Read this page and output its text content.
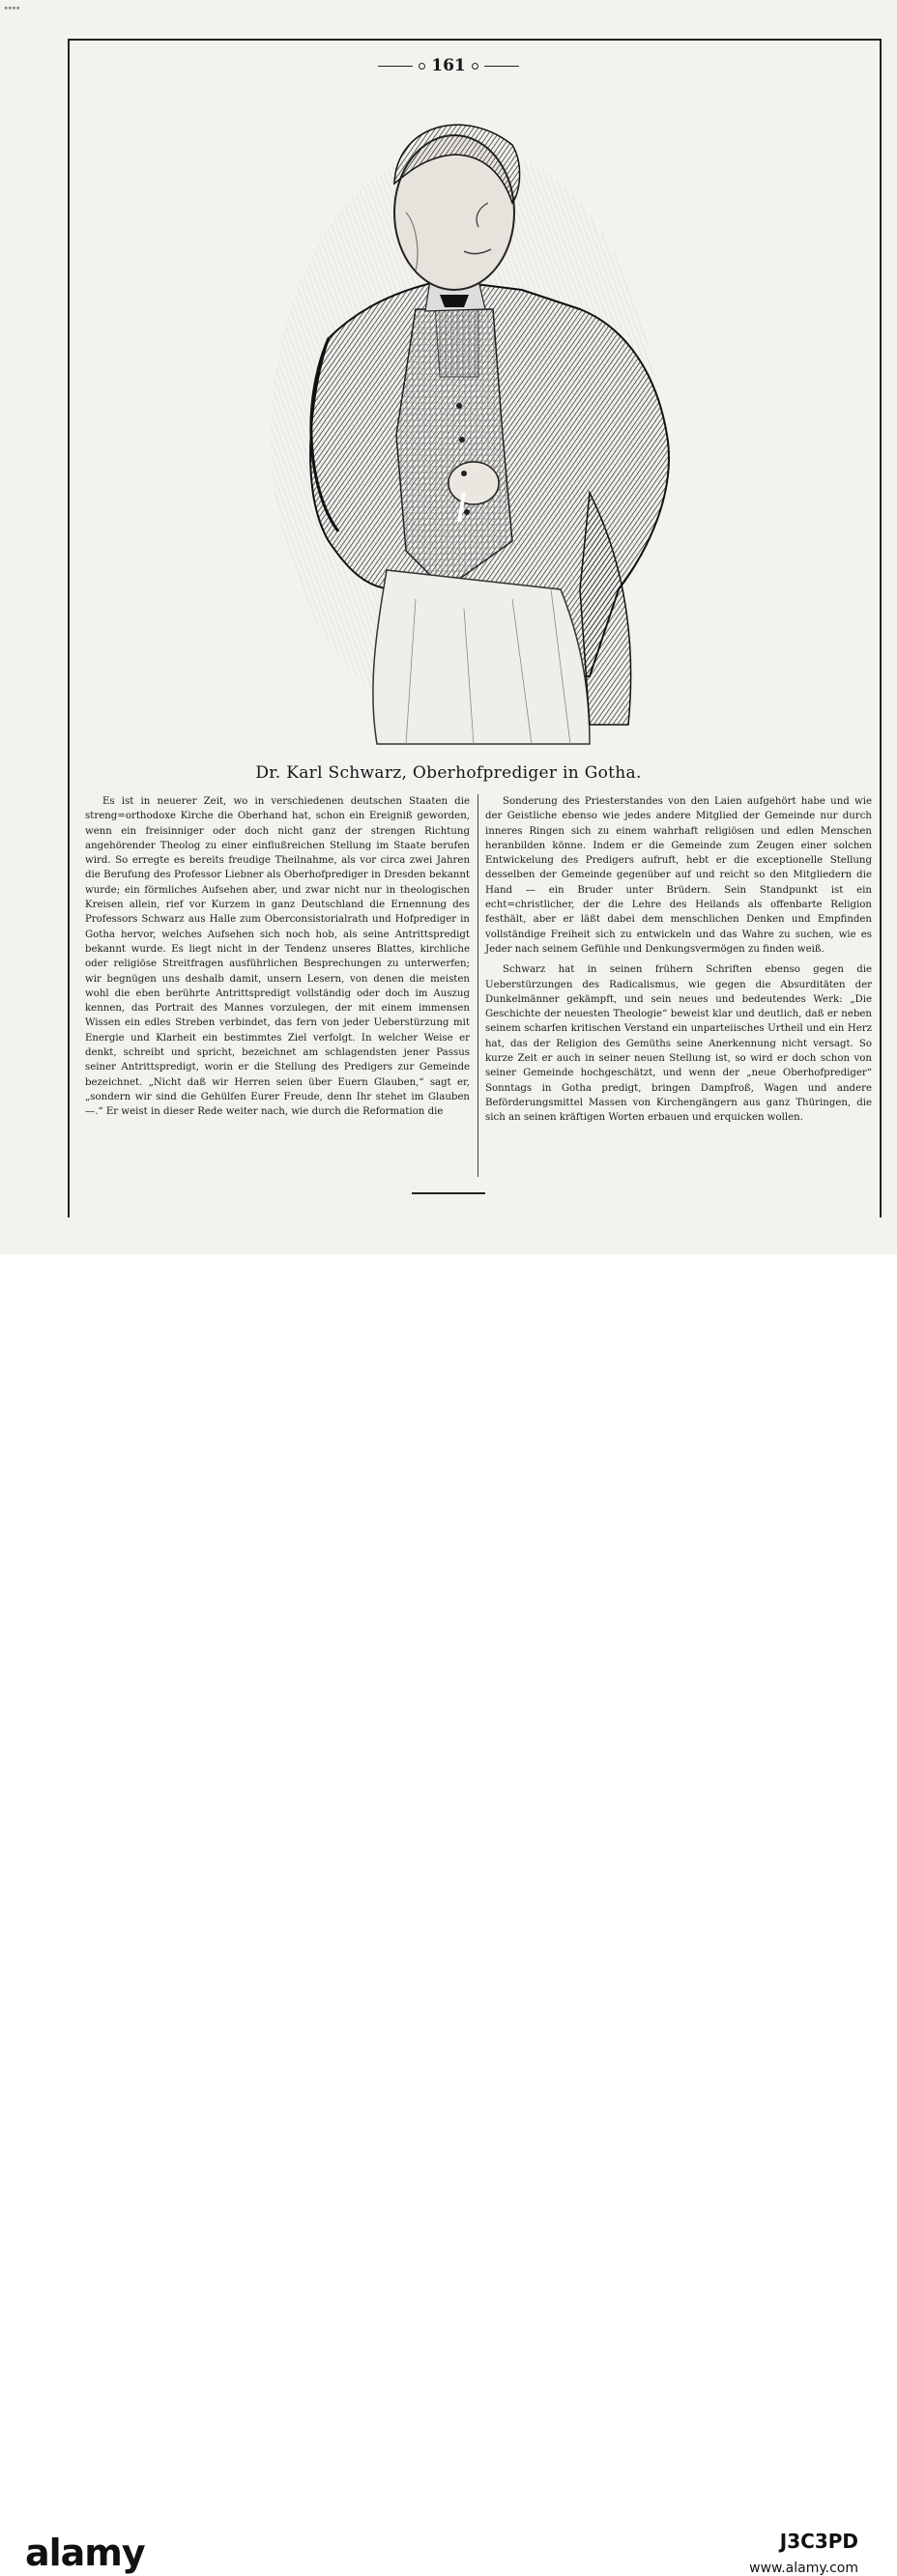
▪▪▪▪
161
Dr. Karl Schwarz, Oberhofprediger in Gotha.

Es ist in neuerer Zeit, wo in verschiedenen deutschen Staaten die streng=orthodoxe Kirche die Oberhand hat, schon ein Ereigniß geworden, wenn ein freisinniger oder doch nicht ganz der strengen Richtung angehörender Theolog zu einer einflußreichen Stellung im Staate berufen wird. So erregte es bereits freudige Theilnahme, als vor circa zwei Jahren die Berufung des Professor Liebner als Oberhofprediger in Dresden bekannt wurde; ein förmliches Aufsehen aber, und zwar nicht nur in theologischen Kreisen allein, rief vor Kurzem in ganz Deutschland die Ernennung des Professors Schwarz aus Halle zum Oberconsistorialrath und Hofprediger in Gotha hervor, welches Aufsehen sich noch hob, als seine Antrittspredigt bekannt wurde. Es liegt nicht in der Tendenz unseres Blattes, kirchliche oder religiöse Streitfragen ausführlichen Besprechungen zu unterwerfen; wir begnügen uns deshalb damit, unsern Lesern, von denen die meisten wohl die eben berührte Antrittspredigt vollständig oder doch im Auszug kennen, das Portrait des Mannes vorzulegen, der mit einem immensen Wissen ein edles Streben verbindet, das fern von jeder Ueberstürzung mit Energie und Klarheit ein bestimmtes Ziel verfolgt. In welcher Weise er denkt, schreibt und spricht, bezeichnet am schlagendsten jener Passus seiner Antrittspredigt, worin er die Stellung des Predigers zur Gemeinde bezeichnet. „Nicht daß wir Herren seien über Euern Glauben,“ sagt er, „sondern wir sind die Gehülfen Eurer Freude, denn Ihr stehet im Glauben —.“ Er weist in dieser Rede weiter nach, wie durch die Reformation die

Sonderung des Priesterstandes von den Laien aufgehört habe und wie der Geistliche ebenso wie jedes andere Mitglied der Gemeinde nur durch inneres Ringen sich zu einem wahrhaft religiösen und edlen Menschen heranbilden könne. Indem er die Gemeinde zum Zeugen einer solchen Entwickelung des Predigers aufruft, hebt er die exceptionelle Stellung desselben der Gemeinde gegenüber auf und reicht so den Mitgliedern die Hand — ein Bruder unter Brüdern. Sein Standpunkt ist ein echt=christlicher, der die Lehre des Heilands als offenbarte Religion festhält, aber er läßt dabei dem menschlichen Denken und Empfinden vollständige Freiheit sich zu entwickeln und das Wahre zu suchen, wie es Jeder nach seinem Gefühle und Denkungsvermögen zu finden weiß.

Schwarz hat in seinen frühern Schriften ebenso gegen die Ueberstürzungen des Radicalismus, wie gegen die Absurditäten der Dunkelmänner gekämpft, und sein neues und bedeutendes Werk: „Die Geschichte der neuesten Theologie“ beweist klar und deutlich, daß er neben seinem scharfen kritischen Verstand ein unparteiisches Urtheil und ein Herz hat, das der Religion des Gemüths seine Anerkennung nicht versagt. So kurze Zeit er auch in seiner neuen Stellung ist, so wird er doch schon von seiner Gemeinde hochgeschätzt, und wenn der „neue Oberhofprediger“ Sonntags in Gotha predigt, bringen Dampfroß, Wagen und andere Beförderungsmittel Massen von Kirchengängern aus ganz Thüringen, die sich an seinen kräftigen Worten erbauen und erquicken wollen.

alamy	J3C3PD
www.alamy.com
